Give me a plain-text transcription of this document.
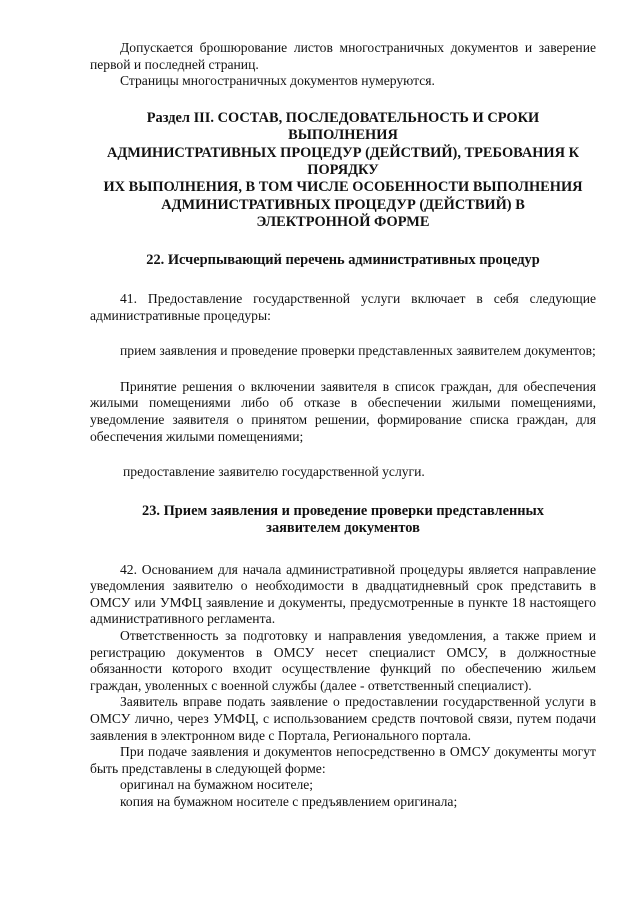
Допускается брошюрование листов многостраничных документов и заверение первой и последней страниц.

Страницы многостраничных документов нумеруются.

Раздел III. СОСТАВ, ПОСЛЕДОВАТЕЛЬНОСТЬ И СРОКИ
ВЫПОЛНЕНИЯ
АДМИНИСТРАТИВНЫХ ПРОЦЕДУР (ДЕЙСТВИЙ), ТРЕБОВАНИЯ К
ПОРЯДКУ
ИХ ВЫПОЛНЕНИЯ, В ТОМ ЧИСЛЕ ОСОБЕННОСТИ ВЫПОЛНЕНИЯ
АДМИНИСТРАТИВНЫХ ПРОЦЕДУР (ДЕЙСТВИЙ) В
ЭЛЕКТРОННОЙ ФОРМЕ
22. Исчерпывающий перечень административных процедур

41. Предоставление государственной услуги включает в себя следующие административные процедуры:

прием заявления и проведение проверки представленных заявителем документов;

Принятие решения о включении заявителя в список граждан, для обеспечения жилыми помещениями либо об отказе в обеспечении жилыми помещениями, уведомление заявителя о принятом решении, формирование списка граждан, для обеспечения жилыми помещениями;

предоставление заявителю государственной услуги.

23. Прием заявления и проведение проверки представленных
заявителем документов

42. Основанием для начала административной процедуры является направление уведомления заявителю о необходимости в двадцатидневный срок представить в ОМСУ или УМФЦ заявление и документы, предусмотренные в пункте 18 настоящего административного регламента.

Ответственность за подготовку и направления уведомления, а также прием и регистрацию документов в ОМСУ несет специалист ОМСУ, в должностные обязанности которого входит осуществление функций по обеспечению жильем граждан, уволенных с военной службы (далее - ответственный специалист).

Заявитель вправе подать заявление о предоставлении государственной услуги в ОМСУ лично, через УМФЦ, с использованием средств почтовой связи, путем подачи заявления в электронном виде с Портала, Регионального портала.

При подаче заявления и документов непосредственно в ОМСУ документы могут быть представлены в следующей форме:

оригинал на бумажном носителе;

копия на бумажном носителе с предъявлением оригинала;
